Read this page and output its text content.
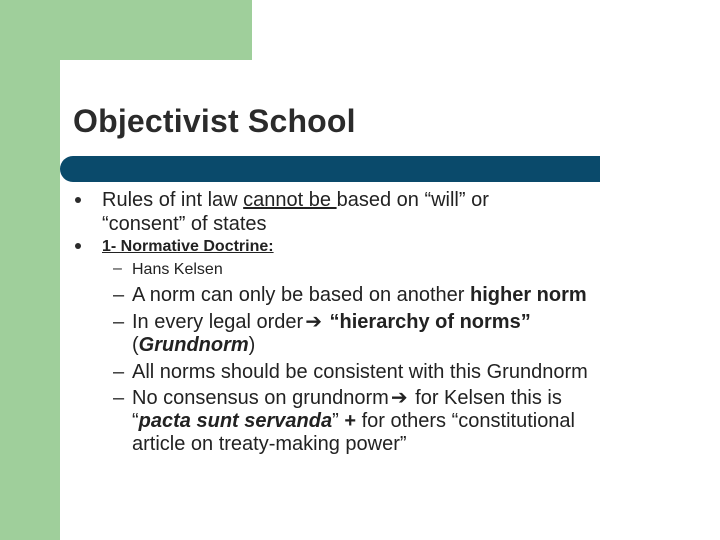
Objectivist School

Rules of int law cannot be based on “will” or

“consent” of states

1- Normative Doctrine:

– Hans Kelsen

– A norm can only be based on another higher norm

– In every legal order ➔ “hierarchy of norms”

(Grundnorm)

– All norms should be consistent with this Grundnorm

– No consensus on grundnorm ➔ for Kelsen this is

“pacta sunt servanda” + for others “constitutional

article on treaty-making power”
